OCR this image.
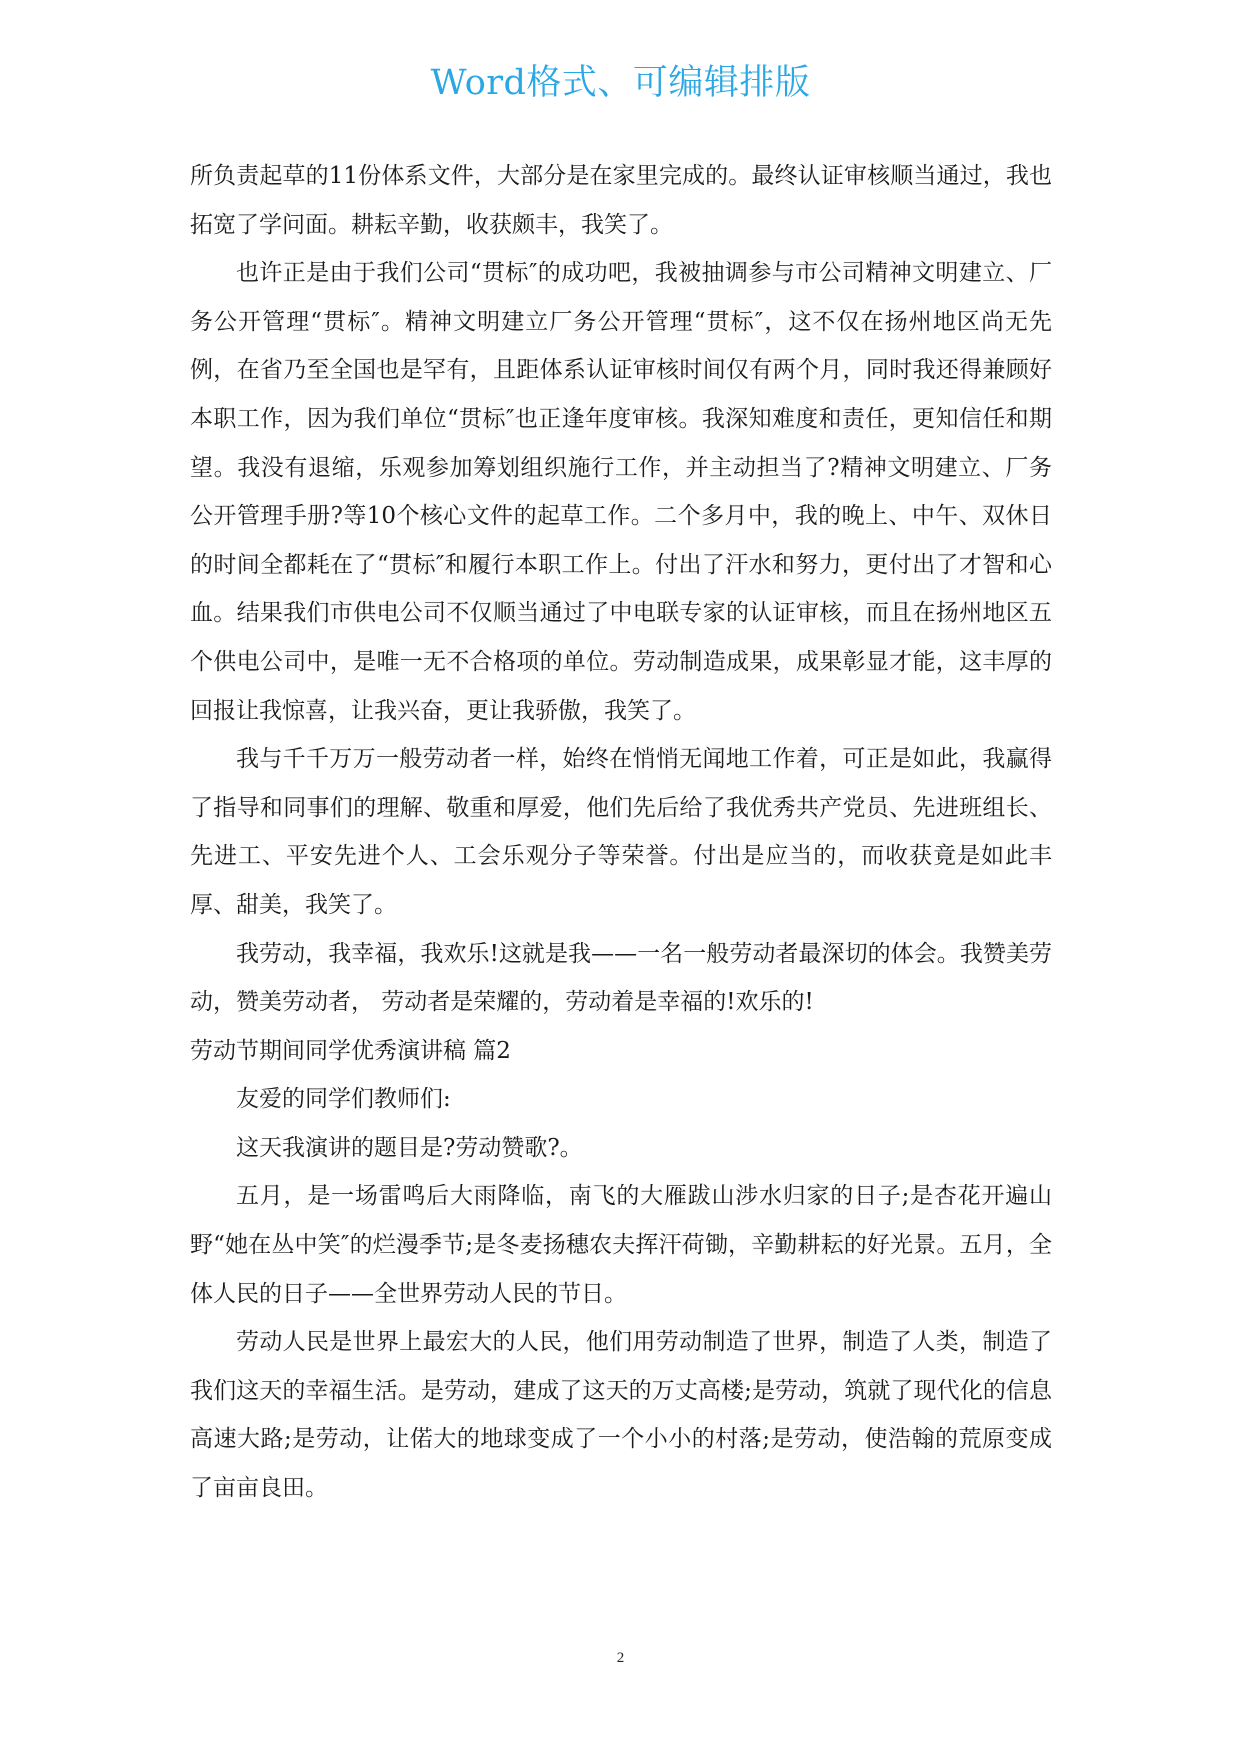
Word格式、可编辑排版

所负责起草的11份体系文件，大部分是在家里完成的。最终认证审核顺当通过，我也拓宽了学问面。耕耘辛勤，收获颇丰，我笑了。

也许正是由于我们公司“贯标″的成功吧，我被抽调参与市公司精神文明建立、厂务公开管理“贯标″。精神文明建立厂务公开管理“贯标″，这不仅在扬州地区尚无先例，在省乃至全国也是罕有，且距体系认证审核时间仅有两个月，同时我还得兼顾好本职工作，因为我们单位“贯标″也正逢年度审核。我深知难度和责任，更知信任和期望。我没有退缩，乐观参加筹划组织施行工作，并主动担当了?精神文明建立、厂务公开管理手册?等10个核心文件的起草工作。二个多月中，我的晚上、中午、双休日的时间全都耗在了“贯标″和履行本职工作上。付出了汗水和努力，更付出了才智和心血。结果我们市供电公司不仅顺当通过了中电联专家的认证审核，而且在扬州地区五个供电公司中，是唯一无不合格项的单位。劳动制造成果，成果彰显才能，这丰厚的回报让我惊喜，让我兴奋，更让我骄傲，我笑了。

我与千千万万一般劳动者一样，始终在悄悄无闻地工作着，可正是如此，我赢得了指导和同事们的理解、敬重和厚爱，他们先后给了我优秀共产党员、先进班组长、先进工、平安先进个人、工会乐观分子等荣誉。付出是应当的，而收获竟是如此丰厚、甜美，我笑了。

我劳动，我幸福，我欢乐!这就是我——一名一般劳动者最深切的体会。我赞美劳动，赞美劳动者， 劳动者是荣耀的，劳动着是幸福的!欢乐的!

劳动节期间同学优秀演讲稿 篇2

友爱的同学们教师们:

这天我演讲的题目是?劳动赞歌?。

五月，是一场雷鸣后大雨降临，南飞的大雁跋山涉水归家的日子;是杏花开遍山野“她在丛中笑″的烂漫季节;是冬麦扬穗农夫挥汗荷锄，辛勤耕耘的好光景。五月，全体人民的日子——全世界劳动人民的节日。

劳动人民是世界上最宏大的人民，他们用劳动制造了世界，制造了人类，制造了我们这天的幸福生活。是劳动，建成了这天的万丈高楼;是劳动，筑就了现代化的信息高速大路;是劳动，让偌大的地球变成了一个小小的村落;是劳动，使浩翰的荒原变成了亩亩良田。

2
